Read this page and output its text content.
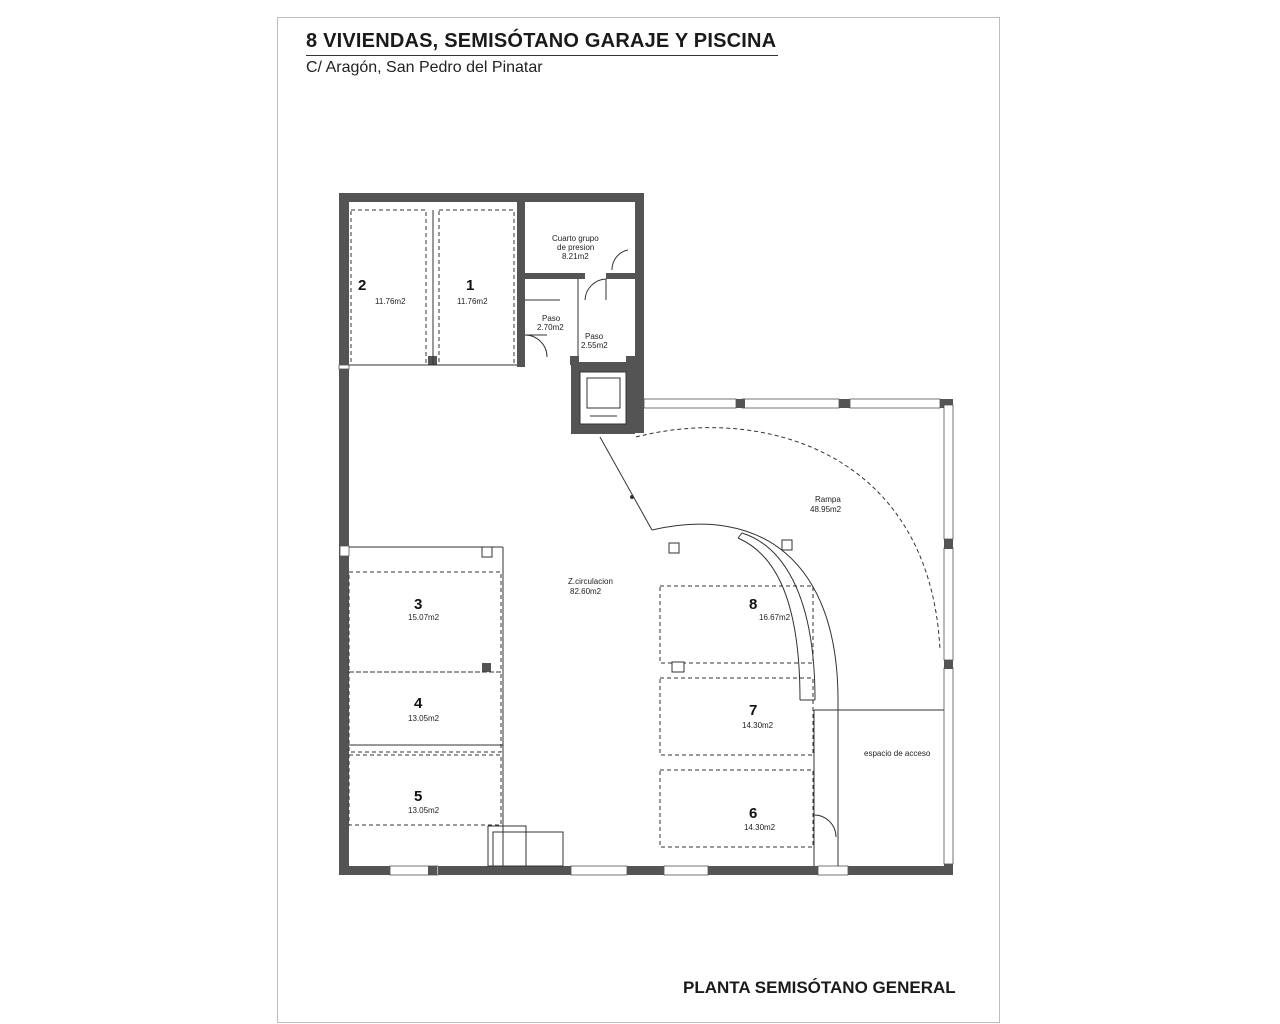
8 VIVIENDAS, SEMISÓTANO GARAJE Y PISCINA
C/ Aragón, San Pedro del Pinatar
2
11.76m2
1
11.76m2
Cuarto grupo
de presion
8.21m2
Paso
2.70m2
Paso
2.55m2
Rampa
48.95m2
Z.circulacion
82.60m2
3
15.07m2
4
13.05m2
5
13.05m2
8
16.67m2
7
14.30m2
6
14.30m2
espacio de acceso
PLANTA SEMISÓTANO GENERAL
